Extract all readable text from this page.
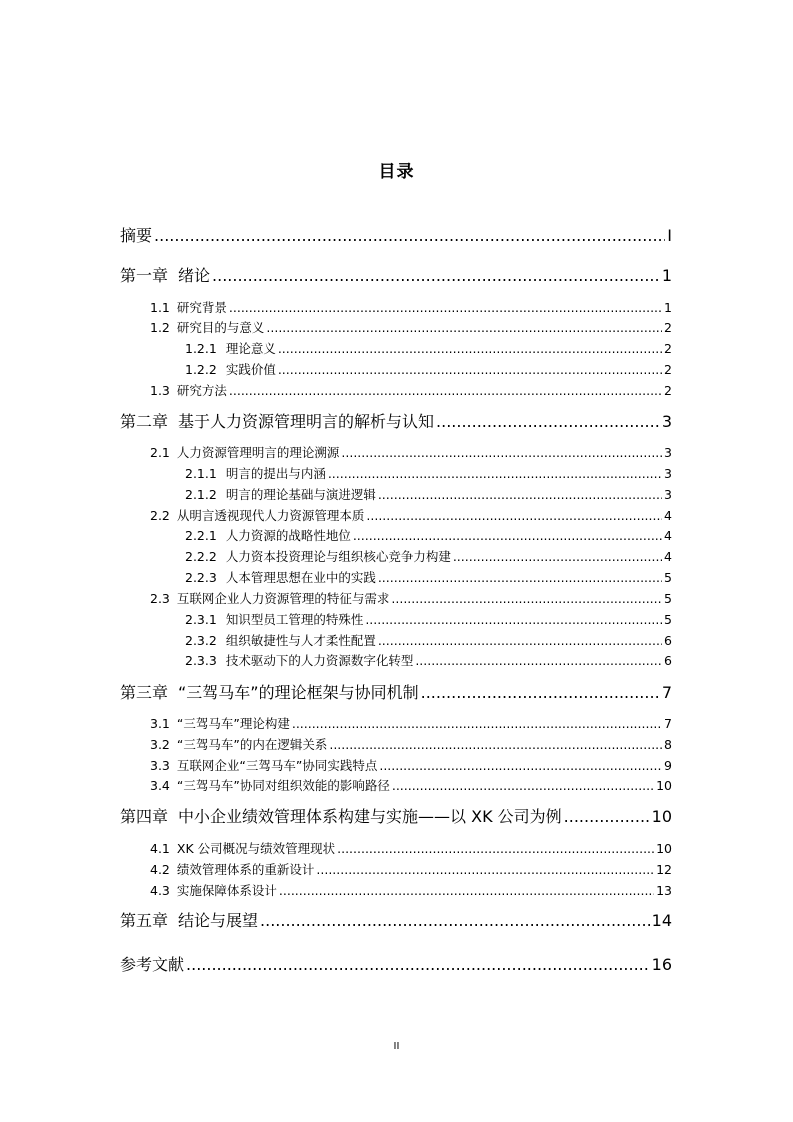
目录
摘要 .....	I
第一章 绪论 .....	1
1.1 研究背景 .....	1
1.2 研究目的与意义 .....	2
1.2.1 理论意义 .....	2
1.2.2 实践价值 .....	2
1.3 研究方法 .....	2
第二章 基于人力资源管理明言的解析与认知 .....	3
2.1 人力资源管理明言的理论溯源 .....	3
2.1.1 明言的提出与内涵 .....	3
2.1.2 明言的理论基础与演进逻辑 .....	3
2.2 从明言透视现代人力资源管理本质 .....	4
2.2.1 人力资源的战略性地位 .....	4
2.2.2 人力资本投资理论与组织核心竞争力构建 .....	4
2.2.3 人本管理思想在业中的实践 .....	5
2.3 互联网企业人力资源管理的特征与需求 .....	5
2.3.1 知识型员工管理的特殊性 .....	5
2.3.2 组织敏捷性与人才柔性配置 .....	6
2.3.3 技术驱动下的人力资源数字化转型 .....	6
第三章 “三驾马车”的理论框架与协同机制 .....	7
3.1 “三驾马车”理论构建 .....	7
3.2 “三驾马车”的内在逻辑关系 .....	8
3.3 互联网企业“三驾马车”协同实践特点 .....	9
3.4 “三驾马车”协同对组织效能的影响路径 .....	10
第四章 中小企业绩效管理体系构建与实施——以 XK 公司为例 .....	10
4.1 XK 公司概况与绩效管理现状 .....	10
4.2 绩效管理体系的重新设计 .....	12
4.3 实施保障体系设计 .....	13
第五章 结论与展望 .....	14
参考文献 .....	16
II
